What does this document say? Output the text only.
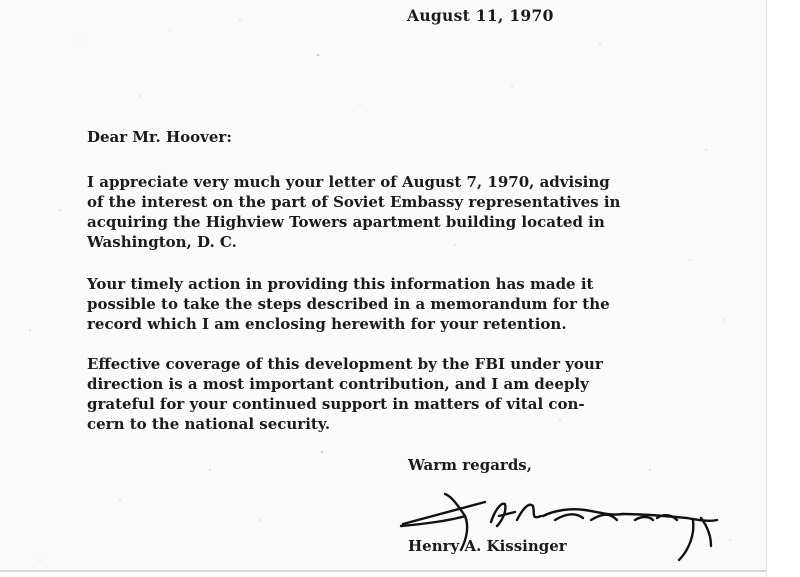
August 11, 1970
Dear Mr. Hoover:

I appreciate very much your letter of August 7, 1970, advising
of the interest on the part of Soviet Embassy representatives in
acquiring the Highview Towers apartment building located in
Washington, D. C.

Your timely action in providing this information has made it
possible to take the steps described in a memorandum for the
record which I am enclosing herewith for your retention.

Effective coverage of this development by the FBI under your
direction is a most important contribution, and I am deeply
grateful for your continued support in matters of vital con-
cern to the national security.

Warm regards,
Henry A. Kissinger
